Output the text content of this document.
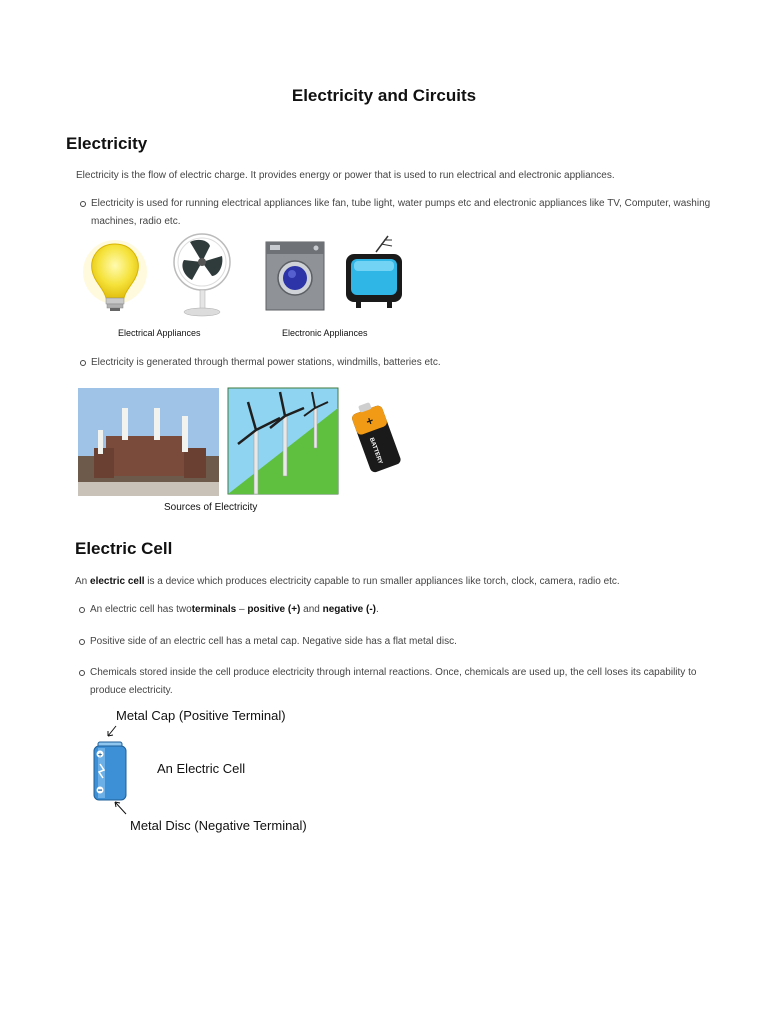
Electricity and Circuits
Electricity

Electricity is the flow of electric charge. It provides energy or power that is used to run electrical and electronic appliances.

Electricity is used for running electrical appliances like fan, tube light, water pumps etc and electronic appliances like TV, Computer, washing machines, radio etc.
Electrical Appliances	Electronic Appliances
Electricity is generated through thermal power stations, windmills, batteries etc.
+
BATTERY
Sources of Electricity
Electric Cell

An electric cell is a device which produces electricity capable to run smaller appliances like torch, clock, camera, radio etc.

An electric cell has twoterminals – positive (+) and negative (-).
Positive side of an electric cell has a metal cap. Negative side has a flat metal disc.
Chemicals stored inside the cell produce electricity through internal reactions. Once, chemicals are used up, the cell loses its capability to produce electricity.
+
Metal Cap (Positive Terminal)
An Electric Cell
Metal Disc (Negative Terminal)
